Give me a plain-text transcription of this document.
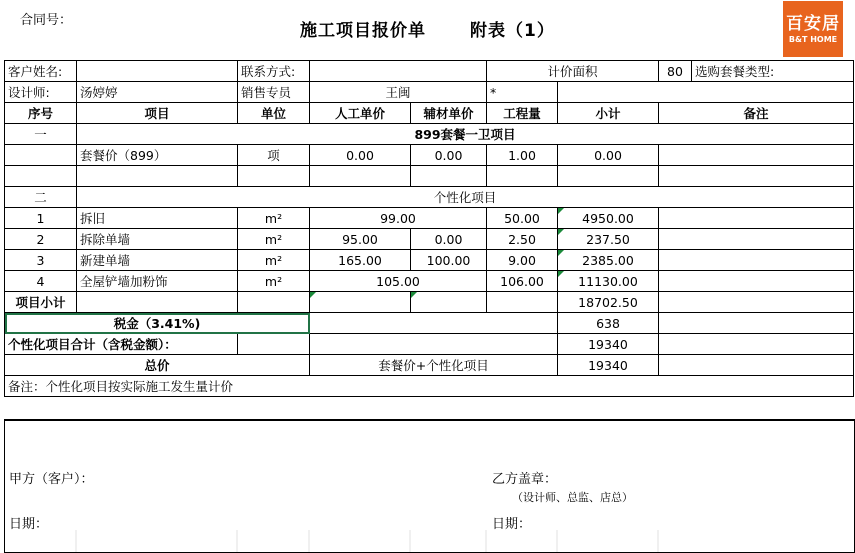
合同号：
施工项目报价单	附表（1）	百安居
B&T HOME
客户姓名:		联系方式:			计价面积		80	选购套餐类型:
设计师:	汤婷婷	销售专员	王闽		*			
序号	项目	单位	人工单价	辅材单价	工程量	小计	备注	
一	899套餐一卫项目							
	套餐价（899）	项	0.00	0.00	1.00	0.00		

二	个性化项目							
1	拆旧	m²	99.00		50.00	4950.00		
2	拆除单墙	m²	95.00	0.00	2.50	237.50		
3	新建单墙	m²	165.00	100.00	9.00	2385.00		
4	全屋铲墙加粉饰	m²	105.00		106.00	11130.00		
项目小计						18702.50		
税金（3.41%)						638		
个性化项目合计（含税金额）：						19340		
总价			套餐价+个性化项目			19340		
备注：个性化项目按实际施工发生量计价								
甲方（客户）：	乙方盖章：
（设计师、总监、店总）
日期：	日期：
